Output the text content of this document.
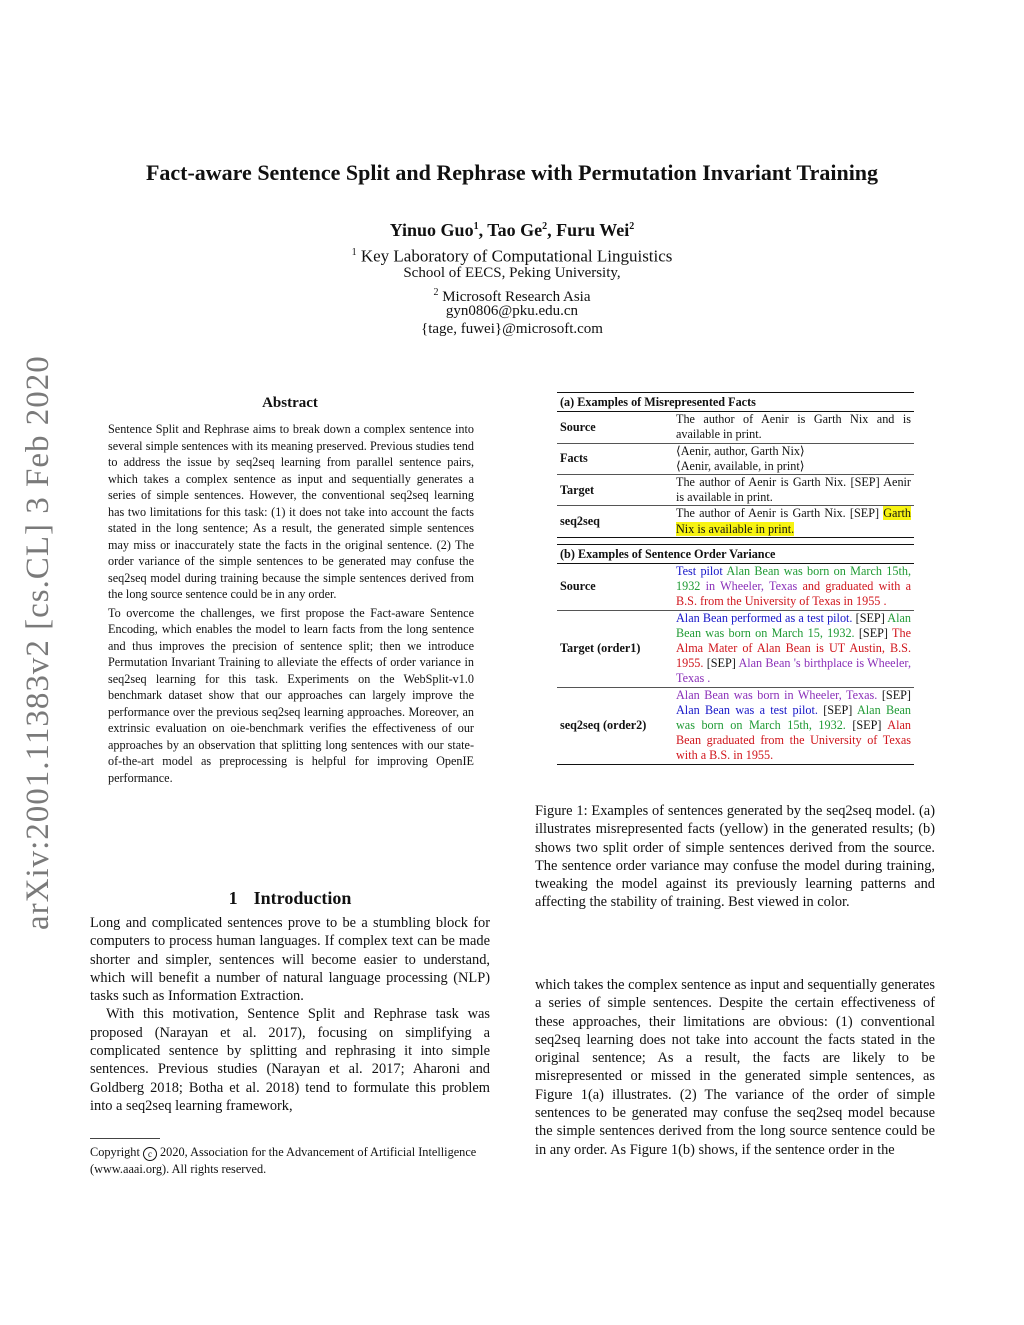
arXiv:2001.11383v2 [cs.CL] 3 Feb 2020
Fact-aware Sentence Split and Rephrase with Permutation Invariant Training
Yinuo Guo$^1$, Tao Ge$^2$, Furu Wei$^2$
$^1$ Key Laboratory of Computational Linguistics
School of EECS, Peking University,
$^2$ Microsoft Research Asia
gyn0806@pku.edu.cn
{tage, fuwei}@microsoft.com
Abstract

Sentence Split and Rephrase aims to break down a complex sentence into several simple sentences with its meaning preserved. Previous studies tend to address the issue by seq2seq learning from parallel sentence pairs, which takes a complex sentence as input and sequentially generates a series of simple sentences. However, the conventional seq2seq learning has two limitations for this task: (1) it does not take into account the facts stated in the long sentence; As a result, the generated simple sentences may miss or inaccurately state the facts in the original sentence. (2) The order variance of the simple sentences to be generated may confuse the seq2seq model during training because the simple sentences derived from the long source sentence could be in any order.

To overcome the challenges, we first propose the Fact-aware Sentence Encoding, which enables the model to learn facts from the long sentence and thus improves the precision of sentence split; then we introduce Permutation Invariant Training to alleviate the effects of order variance in seq2seq learning for this task. Experiments on the WebSplit-v1.0 benchmark dataset show that our approaches can largely improve the performance over the previous seq2seq learning approaches. Moreover, an extrinsic evaluation on oie-benchmark verifies the effectiveness of our approaches by an observation that splitting long sentences with our state-of-the-art model as preprocessing is helpful for improving OpenIE performance.

1 Introduction

Long and complicated sentences prove to be a stumbling block for computers to process human languages. If complex text can be made shorter and simpler, sentences will become easier to understand, which will benefit a number of natural language processing (NLP) tasks such as Information Extraction.

With this motivation, Sentence Split and Rephrase task was proposed (Narayan et al. 2017), focusing on simplifying a complicated sentence by splitting and rephrasing it into simple sentences. Previous studies (Narayan et al. 2017; Aharoni and Goldberg 2018; Botha et al. 2018) tend to formulate this problem into a seq2seq learning framework,

Copyright c 2020, Association for the Advancement of Artificial Intelligence (www.aaai.org). All rights reserved.
(a) Examples of Misrepresented Facts	
Source	The author of Aenir is Garth Nix and is available in print.
Facts	⟨Aenir, author, Garth Nix⟩
⟨Aenir, available, in print⟩

Target	The author of Aenir is Garth Nix. [SEP] Aenir is available in print.
seq2seq	The author of Aenir is Garth Nix. [SEP] Garth Nix is available in print.

(b) Examples of Sentence Order Variance	
Source	Test pilot Alan Bean was born on March 15th, 1932 in Wheeler, Texas and graduated with a B.S. from the University of Texas in 1955 .
Target (order1)	Alan Bean performed as a test pilot. [SEP] Alan Bean was born on March 15, 1932. [SEP] The Alma Mater of Alan Bean is UT Austin, B.S. 1955. [SEP] Alan Bean 's birthplace is Wheeler, Texas .
seq2seq (order2)	Alan Bean was born in Wheeler, Texas. [SEP] Alan Bean was a test pilot. [SEP] Alan Bean was born on March 15th, 1932. [SEP] Alan Bean graduated from the University of Texas with a B.S. in 1955.
Figure 1: Examples of sentences generated by the seq2seq model. (a) illustrates misrepresented facts (yellow) in the generated results; (b) shows two split order of simple sentences derived from the source. The sentence order variance may confuse the model during training, tweaking the model against its previously learning patterns and affecting the stability of training. Best viewed in color.
which takes the complex sentence as input and sequentially generates a series of simple sentences. Despite the certain effectiveness of these approaches, their limitations are obvious: (1) conventional seq2seq learning does not take into account the facts stated in the original sentence; As a result, the facts are likely to be misrepresented or missed in the generated simple sentences, as Figure 1(a) illustrates. (2) The variance of the order of simple sentences to be generated may confuse the seq2seq model because the simple sentences derived from the long source sentence could be in any order. As Figure 1(b) shows, if the sentence order in the
